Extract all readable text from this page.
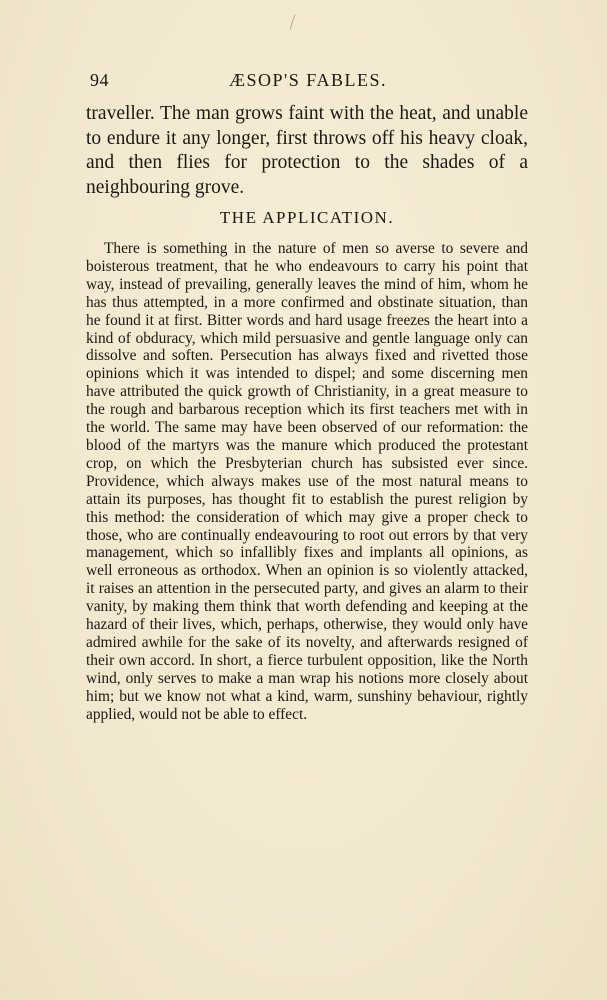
94	ÆSOP'S FABLES.

traveller. The man grows faint with the heat, and unable to endure it any longer, first throws off his heavy cloak, and then flies for protection to the shades of a neighbouring grove.

THE APPLICATION.

There is something in the nature of men so averse to severe and boisterous treatment, that he who endeavours to carry his point that way, instead of prevailing, generally leaves the mind of him, whom he has thus attempted, in a more confirmed and obstinate situation, than he found it at first. Bitter words and hard usage freezes the heart into a kind of obduracy, which mild persuasive and gentle language only can dissolve and soften. Persecution has always fixed and rivetted those opinions which it was intended to dispel; and some discerning men have attributed the quick growth of Christianity, in a great measure to the rough and barbarous reception which its first teachers met with in the world. The same may have been observed of our reformation: the blood of the martyrs was the manure which produced the protestant crop, on which the Presbyterian church has subsisted ever since. Providence, which always makes use of the most natural means to attain its purposes, has thought fit to establish the purest religion by this method: the consideration of which may give a proper check to those, who are continually endeavouring to root out errors by that very management, which so infallibly fixes and implants all opinions, as well erroneous as orthodox. When an opinion is so violently attacked, it raises an attention in the persecuted party, and gives an alarm to their vanity, by making them think that worth defending and keeping at the hazard of their lives, which, perhaps, otherwise, they would only have admired awhile for the sake of its novelty, and afterwards resigned of their own accord. In short, a fierce turbulent opposition, like the North wind, only serves to make a man wrap his notions more closely about him; but we know not what a kind, warm, sunshiny behaviour, rightly applied, would not be able to effect.
